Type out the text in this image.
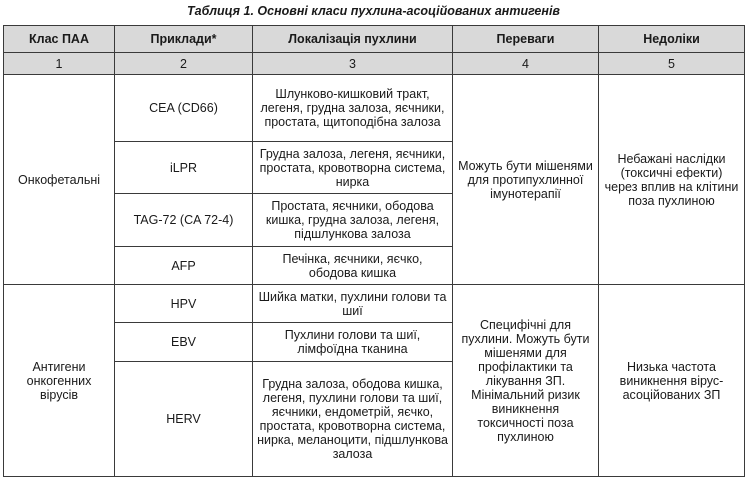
Таблиця 1. Основні класи пухлина-асоційованих антигенів
Клас ПАА	Приклади*	Локалізація пухлини	Переваги	Недоліки
1	2	3	4	5
Онкофетальні	CEA (CD66)	Шлунково-кишковий тракт, легеня, грудна залоза, яєчники, простата, щитоподібна залоза	Можуть бути мішенями для протипухлинної імунотерапії	Небажані наслідки (токсичні ефекти) через вплив на клітини поза пухлиною
	iLPR	Грудна залоза, легеня, яєчники, простата, кровотворна система, нирка		
	TAG-72 (CA 72-4)	Простата, яєчники, ободова кишка, грудна залоза, легеня, підшлункова залоза		
	AFP	Печінка, яєчники, яєчко, ободова кишка		
Антигени онкогенних вірусів	HPV	Шийка матки, пухлини голови та шиї	Специфічні для пухлини. Можуть бути мішенями для профілактики та лікування ЗП. Мінімальний ризик виникнення токсичності поза пухлиною	Низька частота виникнення вірус-асоційованих ЗП
	EBV	Пухлини голови та шиї, лімфоїдна тканина		
	HERV	Грудна залоза, ободова кишка, легеня, пухлини голови та шиї, яєчники, ендометрій, яєчко, простата, кровотворна система, нирка, меланоцити, підшлункова залоза		
